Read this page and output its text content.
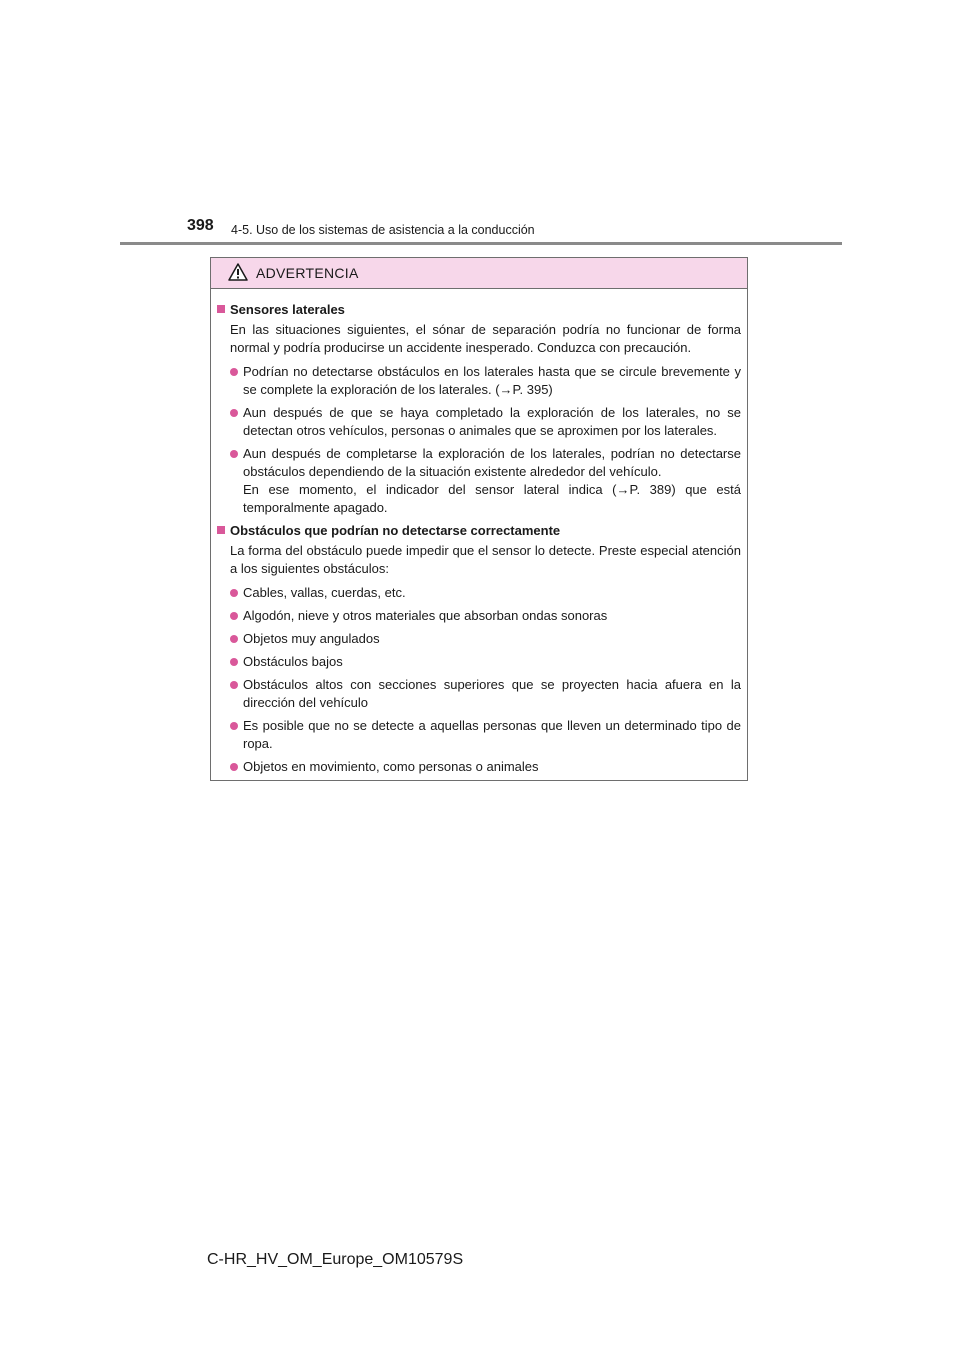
398 4-5. Uso de los sistemas de asistencia a la conducción
ADVERTENCIA
Sensores laterales
En las situaciones siguientes, el sónar de separación podría no funcionar de forma normal y podría producirse un accidente inesperado. Conduzca con precaución.
Podrían no detectarse obstáculos en los laterales hasta que se circule brevemente y se complete la exploración de los laterales. (→P. 395)
Aun después de que se haya completado la exploración de los laterales, no se detectan otros vehículos, personas o animales que se aproximen por los laterales.
Aun después de completarse la exploración de los laterales, podrían no detectarse obstáculos dependiendo de la situación existente alrededor del vehículo.
En ese momento, el indicador del sensor lateral indica (→P. 389) que está temporalmente apagado.
Obstáculos que podrían no detectarse correctamente
La forma del obstáculo puede impedir que el sensor lo detecte. Preste especial atención a los siguientes obstáculos:
Cables, vallas, cuerdas, etc.
Algodón, nieve y otros materiales que absorban ondas sonoras
Objetos muy angulados
Obstáculos bajos
Obstáculos altos con secciones superiores que se proyecten hacia afuera en la dirección del vehículo
Es posible que no se detecte a aquellas personas que lleven un determinado tipo de ropa.
Objetos en movimiento, como personas o animales
C-HR_HV_OM_Europe_OM10579S
